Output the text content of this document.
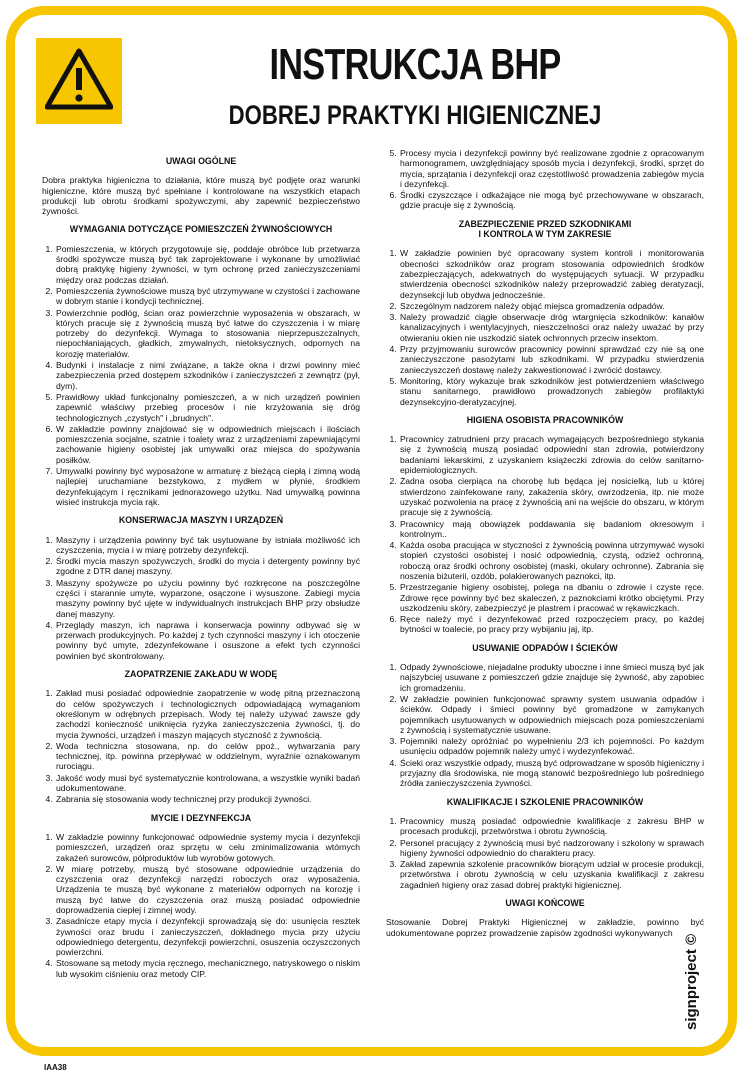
INSTRUKCJA BHP
DOBREJ PRAKTYKI HIGIENICZNEJ
UWAGI OGÓLNE

Dobra praktyka higieniczna to działania, które muszą być podjęte oraz warunki higieniczne, które muszą być spełniane i kontrolowane na wszystkich etapach produkcji lub obrotu środkami spożywczymi, aby zapewnić bezpieczeństwo żywności.

WYMAGANIA DOTYCZĄCE POMIESZCZEŃ ŻYWNOŚCIOWYCH
1. Pomieszczenia, w których przygotowuje się, poddaje obróbce lub przetwarza środki spożywcze muszą być tak zaprojektowane i wykonane by umożliwiać dobrą praktykę higieny żywności, w tym ochronę przed zanieczyszczeniami między oraz podczas działań.
2. Pomieszczenia żywnościowe muszą być utrzymywane w czystości i zachowane w dobrym stanie i kondycji technicznej.
3. Powierzchnie podłóg, ścian oraz powierzchnie wyposażenia w obszarach, w których pracuje się z żywnością muszą być łatwe do czyszczenia i w miarę potrzeby do dezynfekcji. Wymaga to stosowania nieprzepuszczalnych, niepochłaniających, gładkich, zmywalnych, nietoksycznych, odpornych na korozję materiałów.
4. Budynki i instalacje z nimi związane, a także okna i drzwi powinny mieć zabezpieczenia przed dostępem szkodników i zanieczyszczeń z zewnątrz (pył, dym).
5. Prawidłowy układ funkcjonalny pomieszczeń, a w nich urządzeń powinien zapewnić właściwy przebieg procesów i nie krzyżowania się dróg technologicznych „czystych" i „brudnych".
6. W zakładzie powinny znajdować się w odpowiednich miejscach i ilościach pomieszczenia socjalne, szatnie i toalety wraz z urządzeniami zapewniającymi zachowanie higieny osobistej jak umywalki oraz miejsca do spożywania posiłków.
7. Umywalki powinny być wyposażone w armaturę z bieżącą ciepłą i zimną wodą najlepiej uruchamiane bezstykowo, z mydłem w płynie, środkiem dezynfekującym i ręcznikami jednorazowego użytku. Nad umywalką powinna wisieć instrukcja mycia rąk.
KONSERWACJA MASZYN I URZĄDZEŃ
1. Maszyny i urządzenia powinny być tak usytuowane by istniała możliwość ich czyszczenia, mycia i w miarę potrzeby dezynfekcji.
2. Środki mycia maszyn spożywczych, środki do mycia i detergenty powinny być zgodne z DTR danej maszyny.
3. Maszyny spożywcze po użyciu powinny być rozkręcone na poszczególne części i starannie umyte, wyparzone, osączone i wysuszone. Zabiegi mycia maszyny powinny być ujęte w indywidualnych instrukcjach BHP przy obsłudze danej maszyny.
4. Przeglądy maszyn, ich naprawa i konserwacja powinny odbywać się w przerwach produkcyjnych. Po każdej z tych czynności maszyny i ich otoczenie powinny być umyte, zdezynfekowane i osuszone a efekt tych czynności powinien być skontrolowany.
ZAOPATRZENIE ZAKŁADU W WODĘ
1. Zakład musi posiadać odpowiednie zaopatrzenie w wodę pitną przeznaczoną do celów spożywczych i technologicznych odpowiadającą wymaganiom określonym w odrębnych przepisach. Wody tej należy używać zawsze gdy zachodzi konieczność uniknięcia ryzyka zanieczyszczenia żywności, tj. do mycia żywności, urządzeń i maszyn mających styczność z żywnością.
2. Woda techniczna stosowana, np. do celów ppoż., wytwarzania pary technicznej, itp. powinna przepływać w oddzielnym, wyraźnie oznakowanym rurociągu.
3. Jakość wody musi być systematycznie kontrolowana, a wszystkie wyniki badań udokumentowane.
4. Zabrania się stosowania wody technicznej przy produkcji żywności.
MYCIE I DEZYNFEKCJA
1. W zakładzie powinny funkcjonować odpowiednie systemy mycia i dezynfekcji pomieszczeń, urządzeń oraz sprzętu w celu zminimalizowania wtórnych zakażeń surowców, półproduktów lub wyrobów gotowych.
2. W miarę potrzeby, muszą być stosowane odpowiednie urządzenia do czyszczenia oraz dezynfekcji narzędzi roboczych oraz wyposażenia. Urządzenia te muszą być wykonane z materiałów odpornych na korozję i muszą być łatwe do czyszczenia oraz muszą posiadać odpowiednie doprowadzenia ciepłej i zimnej wody.
3. Zasadnicze etapy mycia i dezynfekcji sprowadzają się do: usunięcia resztek żywności oraz brudu i zanieczyszczeń, dokładnego mycia przy użyciu odpowiedniego detergentu, dezynfekcji powierzchni, osuszenia oczyszczonych powierzchni.
4. Stosowane są metody mycia ręcznego, mechanicznego, natryskowego o niskim lub wysokim ciśnieniu oraz metody CIP.
5. Procesy mycia i dezynfekcji powinny być realizowane zgodnie z opracowanym harmonogramem, uwzględniający sposób mycia i dezynfekcji, środki, sprzęt do mycia, sprzątania i dezynfekcji oraz częstotliwość prowadzenia zabiegów mycia i dezynfekcji.
6. Środki czyszczące i odkażające nie mogą być przechowywane w obszarach, gdzie pracuje się z żywnością.
ZABEZPIECZENIE PRZED SZKODNIKAMI
I KONTROLA W TYM ZAKRESIE
1. W zakładzie powinien być opracowany system kontroli i monitorowania obecności szkodników oraz program stosowania odpowiednich środków zabezpieczających, adekwatnych do występujących sytuacji. W przypadku stwierdzenia obecności szkodników należy przeprowadzić zabieg deratyzacji, dezynsekcji lub obydwa jednocześnie.
2. Szczególnym nadzorem należy objąć miejsca gromadzenia odpadów.
3. Należy prowadzić ciągłe obserwacje dróg wtargnięcia szkodników: kanałów kanalizacyjnych i wentylacyjnych, nieszczelności oraz należy uważać by przy otwieraniu okien nie uszkodzić siatek ochronnych przeciw insektom.
4. Przy przyjmowaniu surowców pracownicy powinni sprawdzać czy nie są one zanieczyszczone pasożytami lub szkodnikami. W przypadku stwierdzenia zanieczyszczeń dostawę należy zakwestionować i zwrócić dostawcy.
5. Monitoring, który wykazuje brak szkodników jest potwierdzeniem właściwego stanu sanitarnego, prawidłowo prowadzonych zabiegów profilaktyki dezynsekcyjno-deratyzacyjnej.
HIGIENA OSOBISTA PRACOWNIKÓW
1. Pracownicy zatrudnieni przy pracach wymagających bezpośredniego stykania się z żywnością muszą posiadać odpowiedni stan zdrowia, potwierdzony badaniami lekarskimi, z uzyskaniem książeczki zdrowia do celów sanitarno-epidemiologicznych.
2. Żadna osoba cierpiąca na chorobę lub będąca jej nosicielką, lub u której stwierdzono zainfekowane rany, zakażenia skóry, owrzodzenia, itp. nie może uzyskać pozwolenia na pracę z żywnością ani na wejście do obszaru, w którym pracuje się z żywnością.
3. Pracownicy mają obowiązek poddawania się badaniom okresowym i kontrolnym..
4. Każda osoba pracująca w styczności z żywnością powinna utrzymywać wysoki stopień czystości osobistej i nosić odpowiednią, czystą, odzież ochronną, roboczą oraz środki ochrony osobistej (maski, okulary ochronne). Zabrania się noszenia biżuterii, ozdób, polakierowanych paznokci, itp.
5. Przestrzeganie higieny osobistej, polega na dbaniu o zdrowie i czyste ręce. Zdrowe ręce powinny być bez skaleczeń, z paznokciami krótko obciętymi. Przy uszkodzeniu skóry, zabezpieczyć je plastrem i pracować w rękawiczkach.
6. Ręce należy myć i dezynfekować przed rozpoczęciem pracy, po każdej bytności w toalecie, po pracy przy wybijaniu jaj, itp.
USUWANIE ODPADÓW I ŚCIEKÓW
1. Odpady żywnościowe, niejadalne produkty uboczne i inne śmieci muszą być jak najszybciej usuwane z pomieszczeń gdzie znajduje się żywność, aby zapobiec ich gromadzeniu.
2. W zakładzie powinien funkcjonować sprawny system usuwania odpadów i ścieków. Odpady i śmieci powinny być gromadzone w zamykanych pojemnikach usytuowanych w odpowiednich miejscach poza pomieszczeniami z żywnością i systematycznie usuwane.
3. Pojemniki należy opróżniać po wypełnieniu 2/3 ich pojemności. Po każdym usunięciu odpadów pojemnik należy umyć i wydezynfekować.
4. Ścieki oraz wszystkie odpady, muszą być odprowadzane w sposób higieniczny i przyjazny dla środowiska, nie mogą stanowić bezpośredniego lub pośredniego źródła zanieczyszczenia żywności.
KWALIFIKACJE I SZKOLENIE PRACOWNIKÓW
1. Pracownicy muszą posiadać odpowiednie kwalifikacje z zakresu BHP w procesach produkcji, przetwórstwa i obrotu żywnością.
2. Personel pracujący z żywnością musi być nadzorowany i szkolony w sprawach higieny żywności odpowiednio do charakteru pracy.
3. Zakład zapewnia szkolenie pracowników biorącym udział w procesie produkcji, przetwórstwa i obrotu żywnością w celu uzyskania kwalifikacji z zakresu zagadnień higieny oraz zasad dobrej praktyki higienicznej.
UWAGI KOŃCOWE

Stosowanie Dobrej Praktyki Higienicznej w zakładzie, powinno być udokumentowane poprzez prowadzenie zapisów zgodności wykonywanych

IAA38
signproject ©
